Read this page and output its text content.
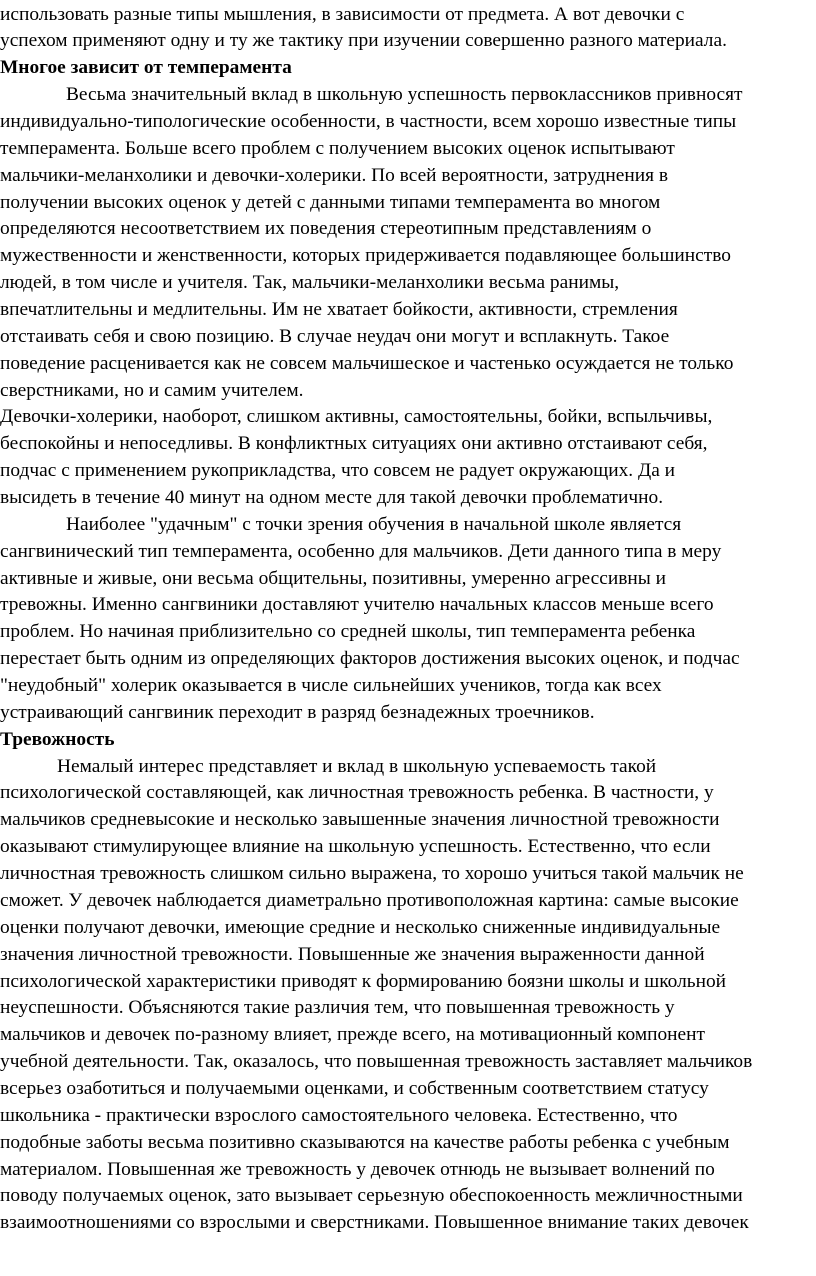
использовать разные типы мышления, в зависимости от предмета. А вот девочки с
успехом применяют одну и ту же тактику при изучении совершенно разного материала.
Многое зависит от темперамента
Весьма значительный вклад в школьную успешность первоклассников привносят
индивидуально-типологические особенности, в частности, всем хорошо известные типы
темперамента. Больше всего проблем с получением высоких оценок испытывают
мальчики-меланхолики и девочки-холерики. По всей вероятности, затруднения в
получении высоких оценок у детей с данными типами темперамента во многом
определяются несоответствием их поведения стереотипным представлениям о
мужественности и женственности, которых придерживается подавляющее большинство
людей, в том числе и учителя. Так, мальчики-меланхолики весьма ранимы,
впечатлительны и медлительны. Им не хватает бойкости, активности, стремления
отстаивать себя и свою позицию. В случае неудач они могут и всплакнуть. Такое
поведение расценивается как не совсем мальчишеское и частенько осуждается не только
сверстниками, но и самим учителем.
Девочки-холерики, наоборот, слишком активны, самостоятельны, бойки, вспыльчивы,
беспокойны и непоседливы. В конфликтных ситуациях они активно отстаивают себя,
подчас с применением рукоприкладства, что совсем не радует окружающих. Да и
высидеть в течение 40 минут на одном месте для такой девочки проблематично.
Наиболее "удачным" с точки зрения обучения в начальной школе является
сангвинический тип темперамента, особенно для мальчиков. Дети данного типа в меру
активные и живые, они весьма общительны, позитивны, умеренно агрессивны и
тревожны. Именно сангвиники доставляют учителю начальных классов меньше всего
проблем. Но начиная приблизительно со средней школы, тип темперамента ребенка
перестает быть одним из определяющих факторов достижения высоких оценок, и подчас
"неудобный" холерик оказывается в числе сильнейших учеников, тогда как всех
устраивающий сангвиник переходит в разряд безнадежных троечников.
Тревожность
Немалый интерес представляет и вклад в школьную успеваемость такой
психологической составляющей, как личностная тревожность ребенка. В частности, у
мальчиков средневысокие и несколько завышенные значения личностной тревожности
оказывают стимулирующее влияние на школьную успешность. Естественно, что если
личностная тревожность слишком сильно выражена, то хорошо учиться такой мальчик не
сможет. У девочек наблюдается диаметрально противоположная картина: самые высокие
оценки получают девочки, имеющие средние и несколько сниженные индивидуальные
значения личностной тревожности. Повышенные же значения выраженности данной
психологической характеристики приводят к формированию боязни школы и школьной
неуспешности. Объясняются такие различия тем, что повышенная тревожность у
мальчиков и девочек по-разному влияет, прежде всего, на мотивационный компонент
учебной деятельности. Так, оказалось, что повышенная тревожность заставляет мальчиков
всерьез озаботиться и получаемыми оценками, и собственным соответствием статусу
школьника - практически взрослого самостоятельного человека. Естественно, что
подобные заботы весьма позитивно сказываются на качестве работы ребенка с учебным
материалом. Повышенная же тревожность у девочек отнюдь не вызывает волнений по
поводу получаемых оценок, зато вызывает серьезную обеспокоенность межличностными
взаимоотношениями со взрослыми и сверстниками. Повышенное внимание таких девочек
